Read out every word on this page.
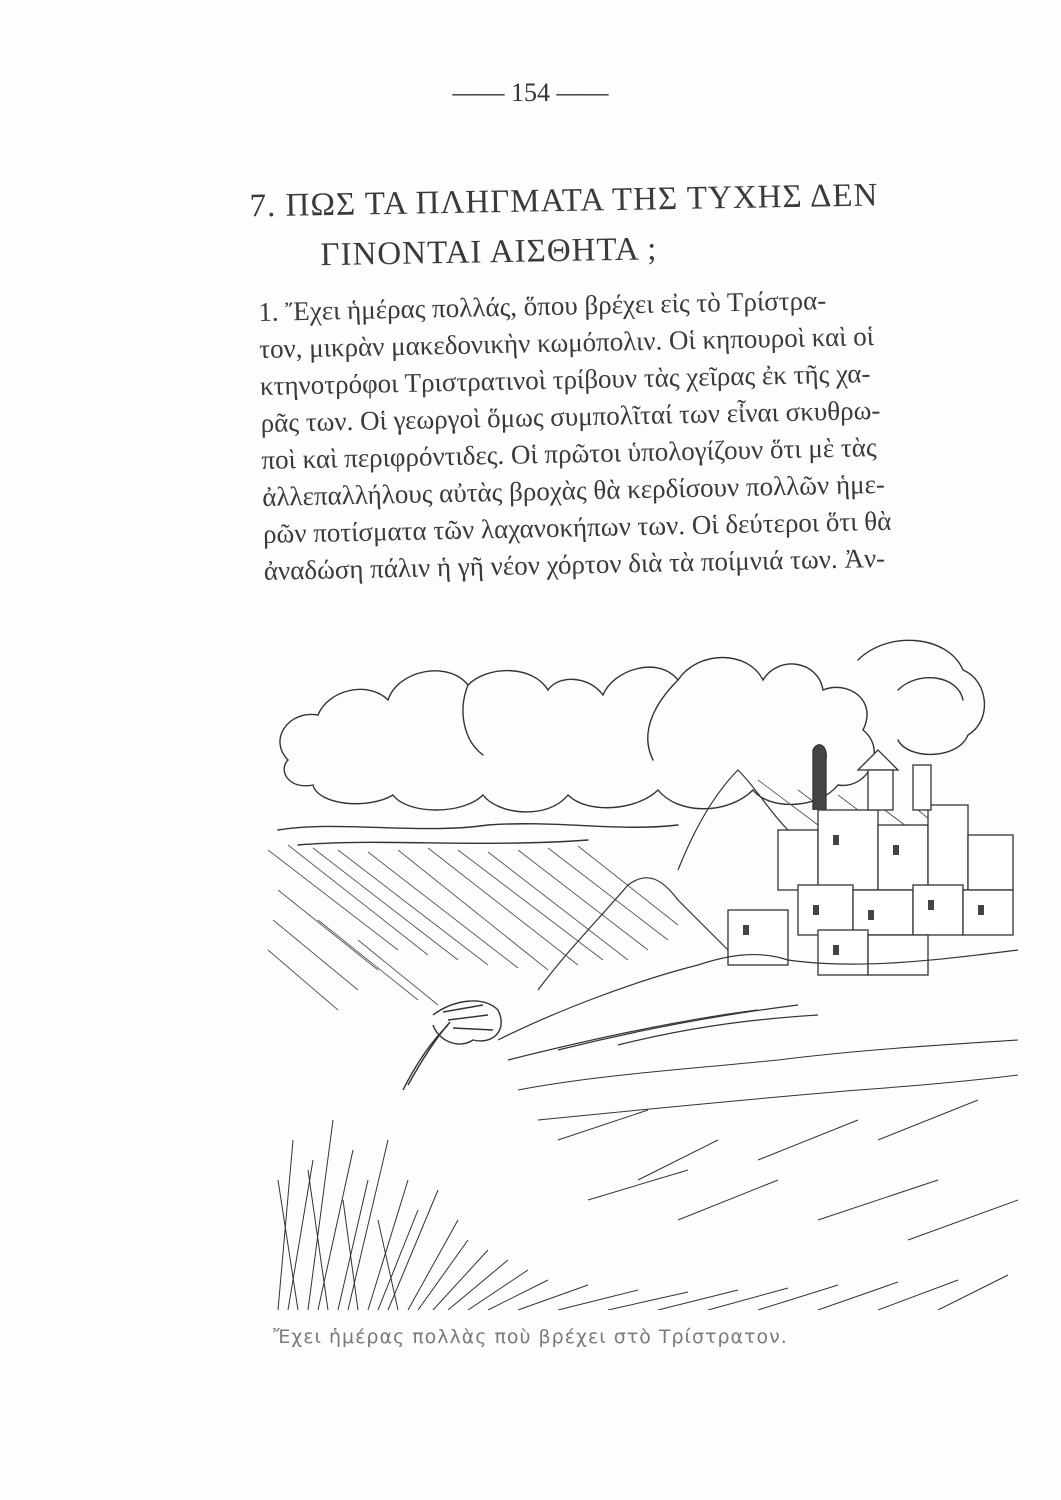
—— 154 ——
7. ΠΩΣ ΤΑ ΠΛΗΓΜΑΤΑ ΤΗΣ ΤΥΧΗΣ ΔΕΝ
ΓΙΝΟΝΤΑΙ ΑΙΣΘΗΤΑ ;
1. Ἔχει ἡμέρας πολλάς, ὅπου βρέχει εἰς τὸ Τρίστρα-
τον, μικρὰν μακεδονικὴν κωμόπολιν. Οἱ κηπουροὶ καὶ οἱ
κτηνοτρόφοι Τριστρατινοὶ τρίβουν τὰς χεῖρας ἐκ τῆς χα-
ρᾶς των. Οἱ γεωργοὶ ὅμως συμπολῖταί των εἶναι σκυθρω-
ποὶ καὶ περιφρόντιδες. Οἱ πρῶτοι ὑπολογίζουν ὅτι μὲ τὰς
ἀλλεπαλλήλους αὐτὰς βροχὰς θὰ κερδίσουν πολλῶν ἡμε-
ρῶν ποτίσματα τῶν λαχανοκήπων των. Οἱ δεύτεροι ὅτι θὰ
ἀναδώση πάλιν ἡ γῆ νέον χόρτον διὰ τὰ ποίμνιά των. Ἀν-
Ἔχει ἡμέρας πολλὰς ποὺ βρέχει στὸ Τρίστρατον.
